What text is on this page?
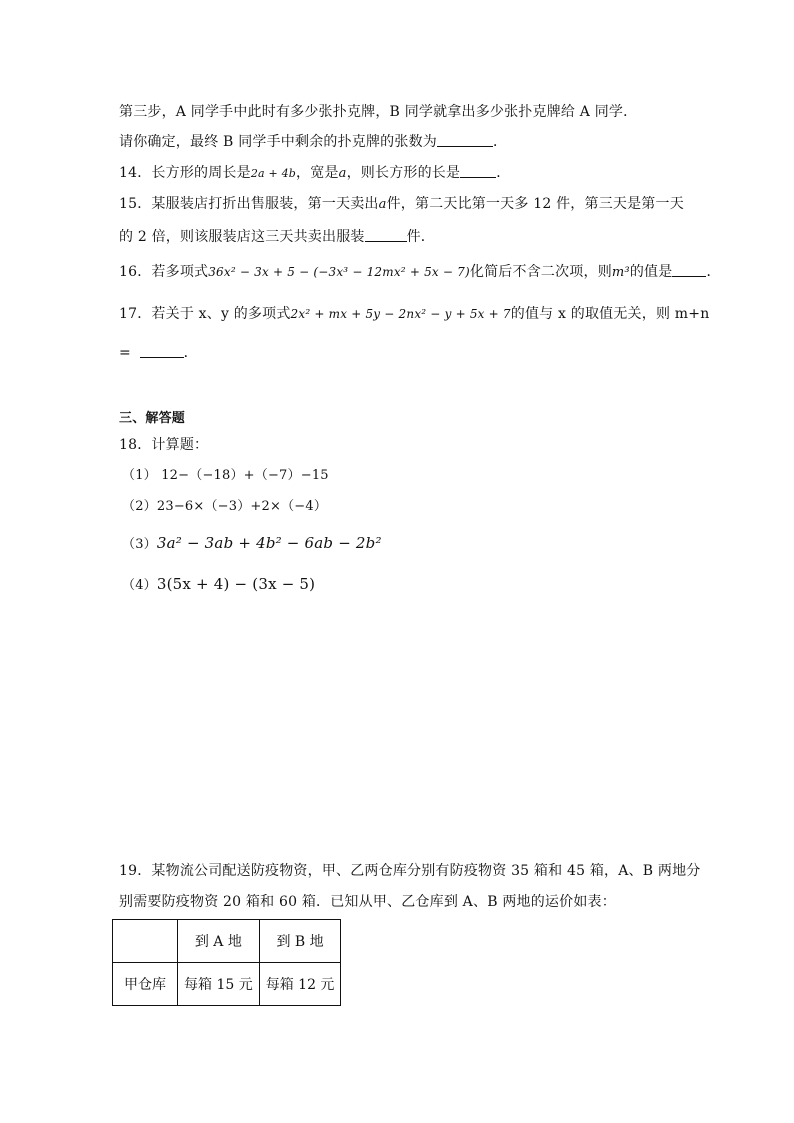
第三步，A 同学手中此时有多少张扑克牌，B 同学就拿出多少张扑克牌给 A 同学．
请你确定，最终 B 同学手中剩余的扑克牌的张数为	．
14．长方形的周长是2a + 4b，宽是a，则长方形的长是	．
15．某服装店打折出售服装，第一天卖出a件，第二天比第一天多 12 件，第三天是第一天
的 2 倍，则该服装店这三天共卖出服装	件．
16．若多项式36x² − 3x + 5 − (−3x³ − 12mx² + 5x − 7)化简后不含二次项，则m³的值是 ．
17．若关于 x、y 的多项式2x² + mx + 5y − 2nx² − y + 5x + 7的值与 x 的取值无关，则 m+n
=	．
三、解答题
18．计算题：
（1） 12−（−18）+（−7）−15
（2）23−6×（−3）+2×（−4）
（3）3a² − 3ab + 4b² − 6ab − 2b²
（4）3(5x + 4) − (3x − 5)
19．某物流公司配送防疫物资，甲、乙两仓库分别有防疫物资 35 箱和 45 箱，A、B 两地分
别需要防疫物资 20 箱和 60 箱．已知从甲、乙仓库到 A、B 两地的运价如表：
	到 A 地	到 B 地
甲仓库	每箱 15 元	每箱 12 元
